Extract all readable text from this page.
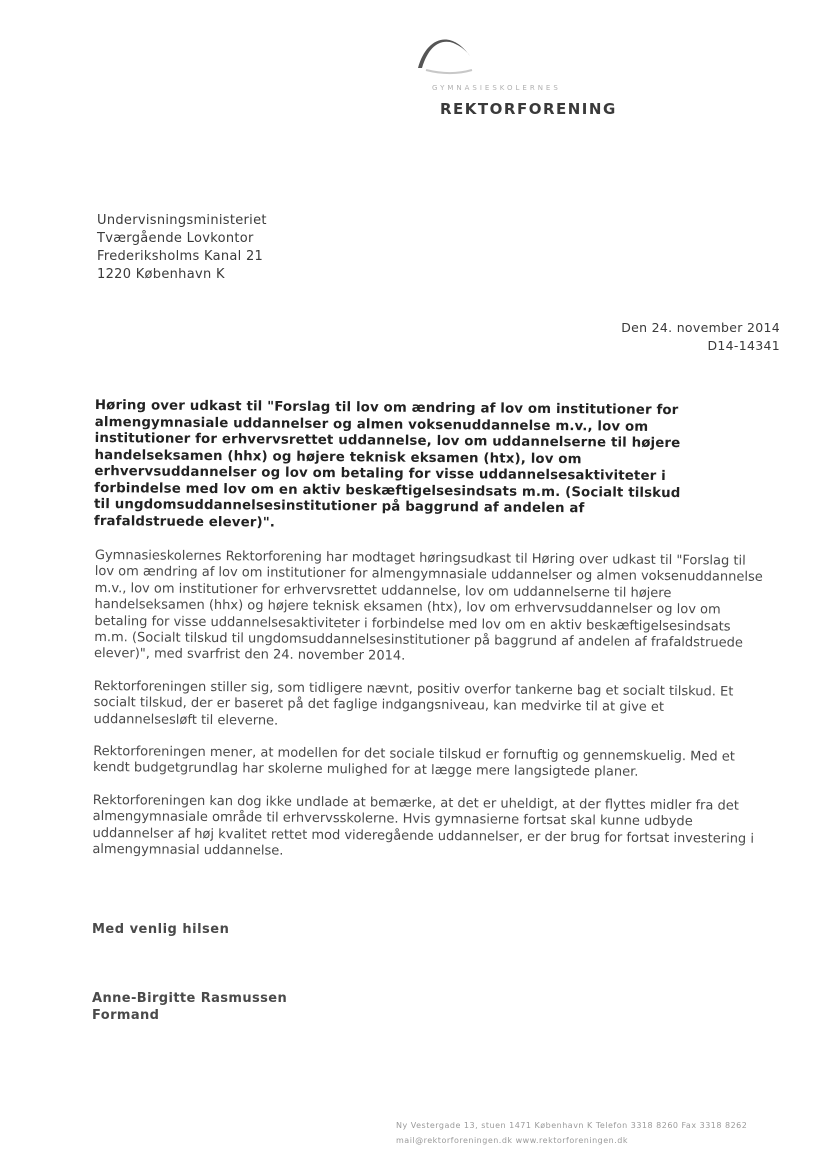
GYMNASIESKOLERNES
REKTORFORENING
Undervisningsministeriet
Tværgående Lovkontor
Frederiksholms Kanal 21
1220 København K
Den 24. november 2014
D14-14341

Høring over udkast til "Forslag til lov om ændring af lov om institutioner for almengymnasiale uddannelser og almen voksenuddannelse m.v., lov om institutioner for erhvervsrettet uddannelse, lov om uddannelserne til højere handelseksamen (hhx) og højere teknisk eksamen (htx), lov om erhvervsuddannelser og lov om betaling for visse uddannelsesaktiviteter i forbindelse med lov om en aktiv beskæftigelsesindsats m.m. (Socialt tilskud til ungdomsuddannelsesinstitutioner på baggrund af andelen af frafaldstruede elever)".

Gymnasieskolernes Rektorforening har modtaget høringsudkast til Høring over udkast til "Forslag til lov om ændring af lov om institutioner for almengymnasiale uddannelser og almen voksenuddannelse m.v., lov om institutioner for erhvervsrettet uddannelse, lov om uddannelserne til højere handelseksamen (hhx) og højere teknisk eksamen (htx), lov om erhvervsuddannelser og lov om betaling for visse uddannelsesaktiviteter i forbindelse med lov om en aktiv beskæftigelsesindsats m.m. (Socialt tilskud til ungdomsuddannelsesinstitutioner på baggrund af andelen af frafaldstruede elever)", med svarfrist den 24. november 2014.

Rektorforeningen stiller sig, som tidligere nævnt, positiv overfor tankerne bag et socialt tilskud. Et socialt tilskud, der er baseret på det faglige indgangsniveau, kan medvirke til at give et uddannelsesløft til eleverne.

Rektorforeningen mener, at modellen for det sociale tilskud er fornuftig og gennemskuelig. Med et kendt budgetgrundlag har skolerne mulighed for at lægge mere langsigtede planer.

Rektorforeningen kan dog ikke undlade at bemærke, at det er uheldigt, at der flyttes midler fra det almengymnasiale område til erhvervsskolerne. Hvis gymnasierne fortsat skal kunne udbyde uddannelser af høj kvalitet rettet mod videregående uddannelser, er der brug for fortsat investering i almengymnasial uddannelse.

Med venlig hilsen
Anne-Birgitte Rasmussen
Formand
Ny Vestergade 13, stuen 1471 København K Telefon 3318 8260 Fax 3318 8262
mail@rektorforeningen.dk www.rektorforeningen.dk
